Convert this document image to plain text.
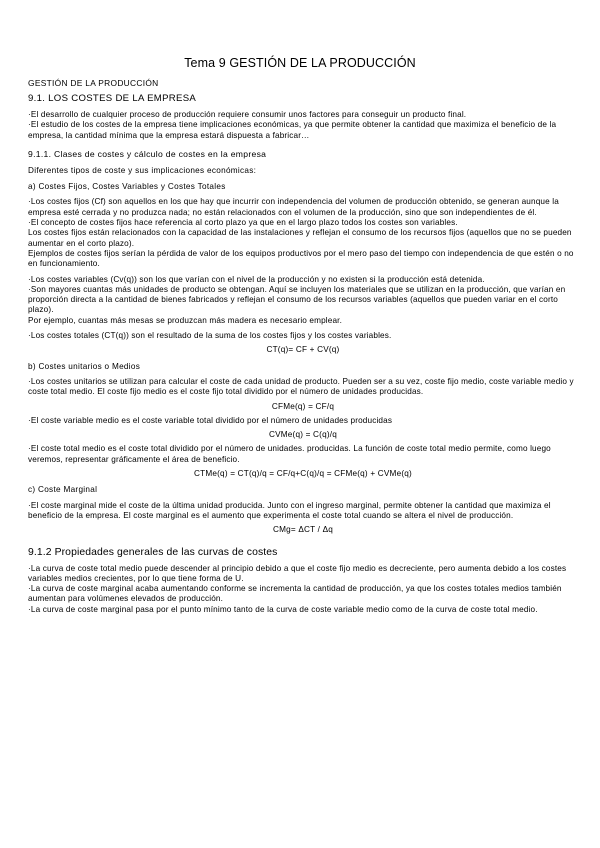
Tema 9 GESTIÓN DE LA PRODUCCIÓN
GESTIÓN DE LA PRODUCCIÓN
9.1. LOS COSTES DE LA EMPRESA

·El desarrollo de cualquier proceso de producción requiere consumir unos factores para conseguir un producto final.

·El estudio de los costes de la empresa tiene implicaciones económicas, ya que permite obtener la cantidad que maximiza el beneficio de la empresa, la cantidad mínima que la empresa estará dispuesta a fabricar…

9.1.1. Clases de costes y cálculo de costes en la empresa

Diferentes tipos de coste y sus implicaciones económicas:

a) Costes Fijos, Costes Variables y Costes Totales

·Los costes fijos (Cf) son aquellos en los que hay que incurrir con independencia del volumen de producción obtenido, se generan aunque la empresa esté cerrada y no produzca nada; no están relacionados con el volumen de la producción, sino que son independientes de él.

·El concepto de costes fijos hace referencia al corto plazo ya que en el largo plazo todos los costes son variables.

Los costes fijos están relacionados con la capacidad de las instalaciones y reflejan el consumo de los recursos fijos (aquellos que no se pueden aumentar en el corto plazo).

Ejemplos de costes fijos serían la pérdida de valor de los equipos productivos por el mero paso del tiempo con independencia de que estén o no en funcionamiento.

·Los costes variables (Cv(q)) son los que varían con el nivel de la producción y no existen si la producción está detenida.

·Son mayores cuantas más unidades de producto se obtengan. Aquí se incluyen los materiales que se utilizan en la producción, que varían en proporción directa a la cantidad de bienes fabricados y reflejan el consumo de los recursos variables (aquellos que pueden variar en el corto plazo).

Por ejemplo, cuantas más mesas se produzcan más madera es necesario emplear.

·Los costes totales (CT(q)) son el resultado de la suma de los costes fijos y los costes variables.

CT(q)= CF + CV(q)

b) Costes unitarios o Medios

·Los costes unitarios se utilizan para calcular el coste de cada unidad de producto. Pueden ser a su vez, coste fijo medio, coste variable medio y coste total medio. El coste fijo medio es el coste fijo total dividido por el número de unidades producidas.

CFMe(q) = CF/q

·El coste variable medio es el coste variable total dividido por el número de unidades producidas

CVMe(q) = C(q)/q

·El coste total medio es el coste total dividido por el número de unidades. producidas. La función de coste total medio permite, como luego veremos, representar gráficamente el área de beneficio.

CTMe(q) = CT(q)/q = CF/q+C(q)/q = CFMe(q) + CVMe(q)

c) Coste Marginal

·El coste marginal mide el coste de la última unidad producida. Junto con el ingreso marginal, permite obtener la cantidad que maximiza el beneficio de la empresa. El coste marginal es el aumento que experimenta el coste total cuando se altera el nivel de producción.

CMg= ΔCT / Δq

9.1.2 Propiedades generales de las curvas de costes

·La curva de coste total medio puede descender al principio debido a que el coste fijo medio es decreciente, pero aumenta debido a los costes variables medios crecientes, por lo que tiene forma de U.

·La curva de coste marginal acaba aumentando conforme se incrementa la cantidad de producción, ya que los costes totales medios también aumentan para volúmenes elevados de producción.

·La curva de coste marginal pasa por el punto mínimo tanto de la curva de coste variable medio como de la curva de coste total medio.
